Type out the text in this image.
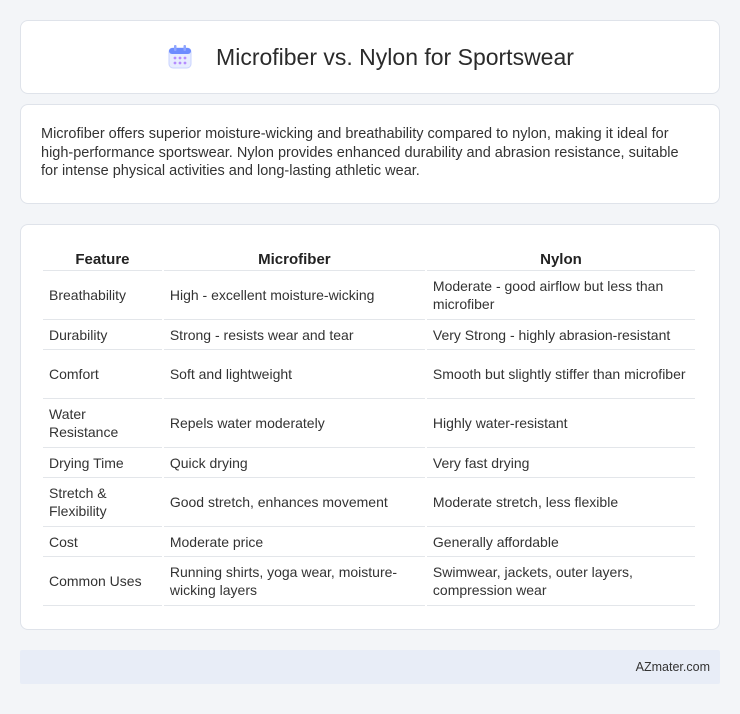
Microfiber vs. Nylon for Sportswear

Microfiber offers superior moisture-wicking and breathability compared to nylon, making it ideal for high-performance sportswear. Nylon provides enhanced durability and abrasion resistance, suitable for intense physical activities and long-lasting athletic wear.

Feature	Microfiber	Nylon
Breathability	High - excellent moisture-wicking	Moderate - good airflow but less than microfiber
Durability	Strong - resists wear and tear	Very Strong - highly abrasion-resistant
Comfort	Soft and lightweight	Smooth but slightly stiffer than microfiber
Water Resistance	Repels water moderately	Highly water-resistant
Drying Time	Quick drying	Very fast drying
Stretch & Flexibility	Good stretch, enhances movement	Moderate stretch, less flexible
Cost	Moderate price	Generally affordable
Common Uses	Running shirts, yoga wear, moisture-wicking layers	Swimwear, jackets, outer layers, compression wear
AZmater.com
